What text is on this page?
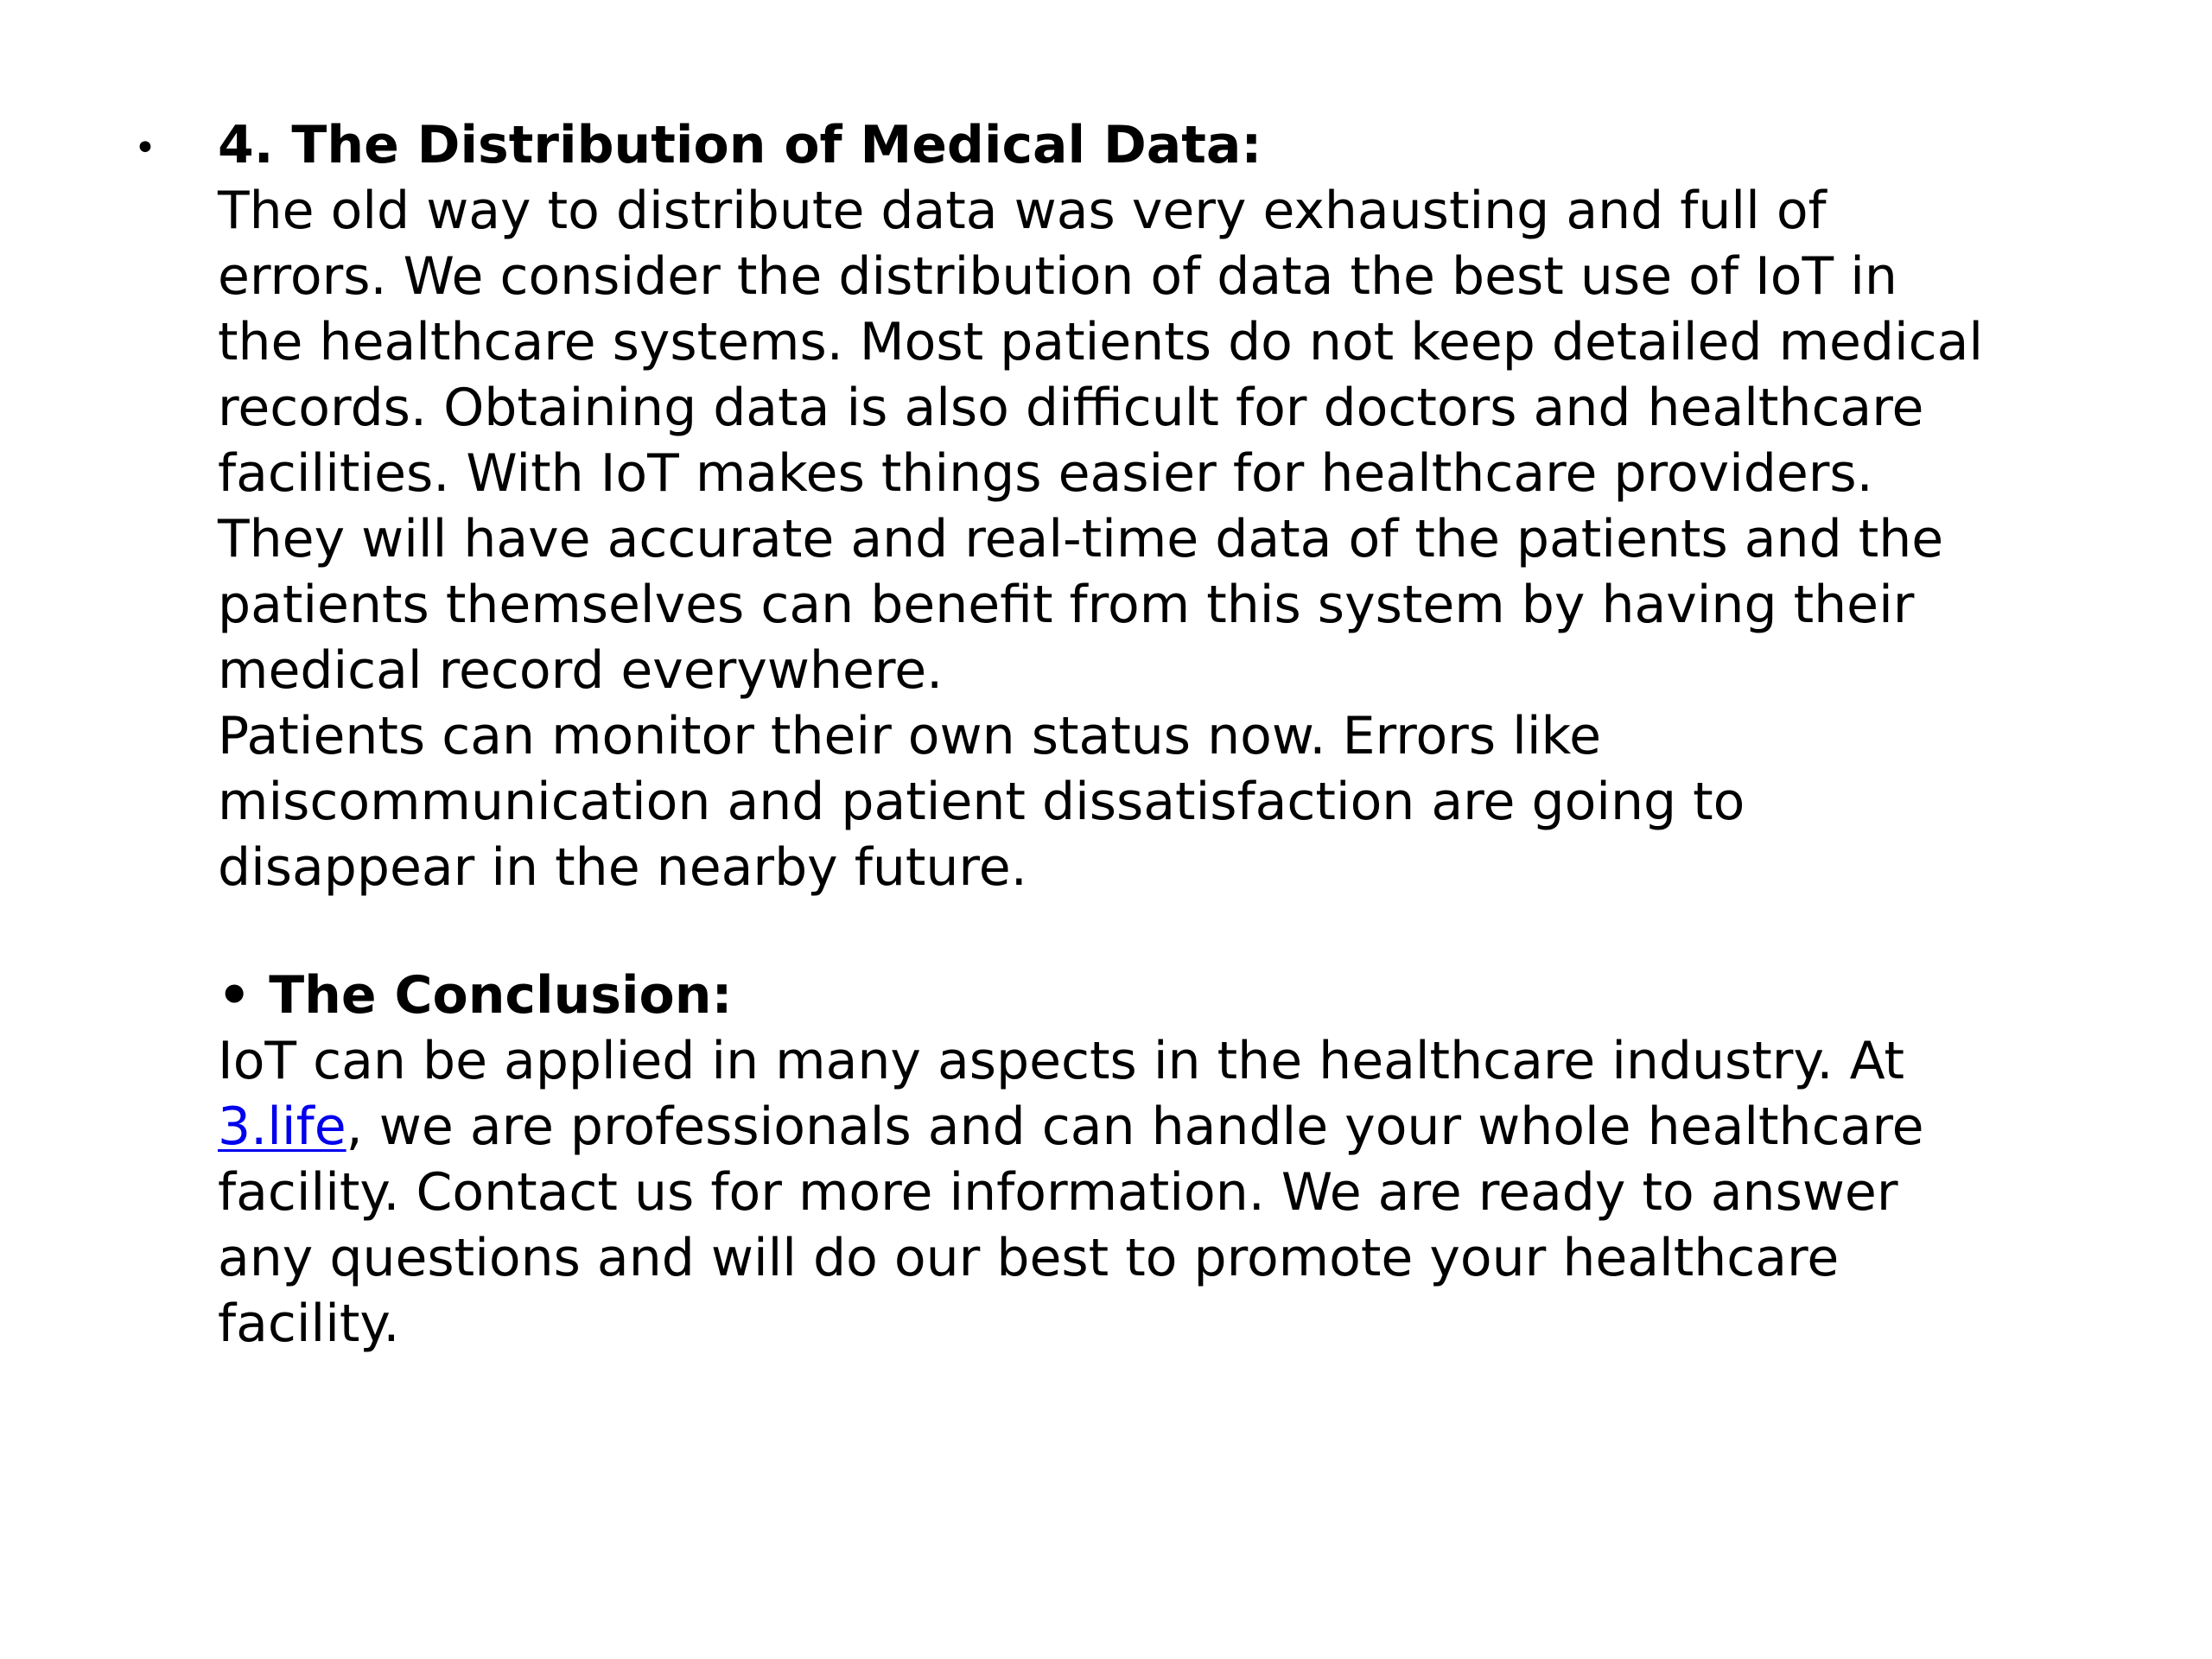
• 4. The Distribution of Medical Data:
The old way to distribute data was very exhausting and full of
errors. We consider the distribution of data the best use of IoT in
the healthcare systems. Most patients do not keep detailed medical
records. Obtaining data is also difficult for doctors and healthcare
facilities. With IoT makes things easier for healthcare providers.
They will have accurate and real-time data of the patients and the
patients themselves can benefit from this system by having their
medical record everywhere.
Patients can monitor their own status now. Errors like
miscommunication and patient dissatisfaction are going to
disappear in the nearby future.
• The Conclusion:
IoT can be applied in many aspects in the healthcare industry. At
3.life, we are professionals and can handle your whole healthcare
facility. Contact us for more information. We are ready to answer
any questions and will do our best to promote your healthcare
facility.
